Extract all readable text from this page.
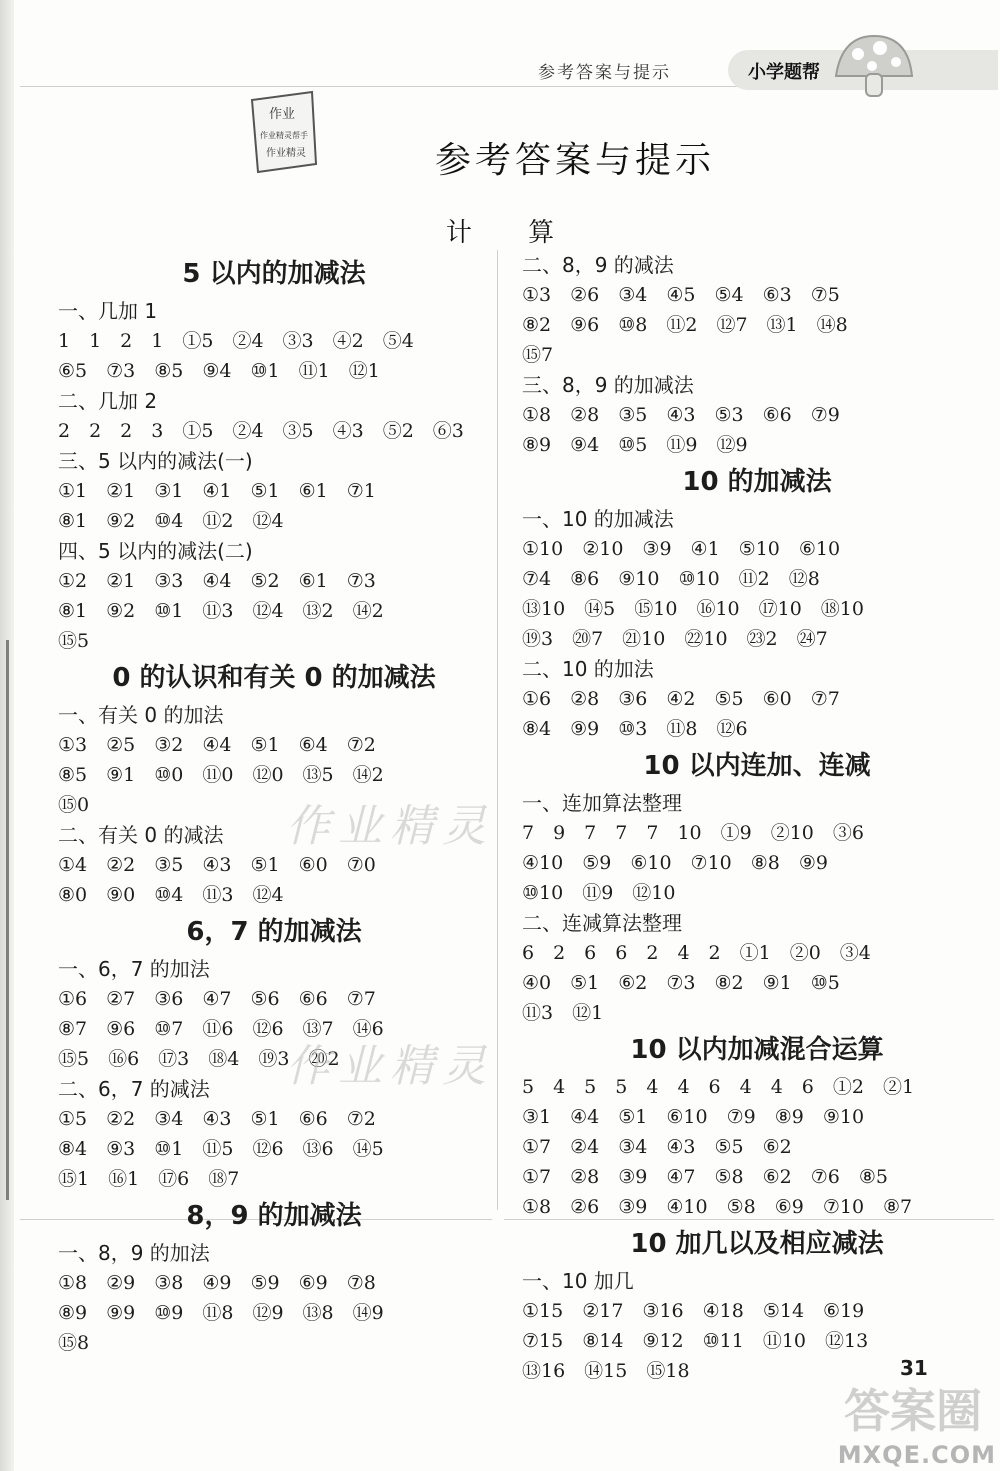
参考答案与提示	小学题帮
作业
作业精灵帮手
作业精灵	参考答案与提示
计 算
5 以内的加减法
一、几加 1
1　1　2　1　①5　②4　③3　④2　⑤4
⑥5　⑦3　⑧5　⑨4　⑩1　⑪1　⑫1
二、几加 2
2　2　2　3　①5　②4　③5　④3　⑤2　⑥3
三、5 以内的减法(一)
①1　②1　③1　④1　⑤1　⑥1　⑦1
⑧1　⑨2　⑩4　⑪2　⑫4
四、5 以内的减法(二)
①2　②1　③3　④4　⑤2　⑥1　⑦3
⑧1　⑨2　⑩1　⑪3　⑫4　⑬2　⑭2
⑮5
0 的认识和有关 0 的加减法
一、有关 0 的加法
①3　②5　③2　④4　⑤1　⑥4　⑦2
⑧5　⑨1　⑩0　⑪0　⑫0　⑬5　⑭2
⑮0
二、有关 0 的减法
①4　②2　③5　④3　⑤1　⑥0　⑦0
⑧0　⑨0　⑩4　⑪3　⑫4
6，7 的加减法
一、6，7 的加法
①6　②7　③6　④7　⑤6　⑥6　⑦7
⑧7　⑨6　⑩7　⑪6　⑫6　⑬7　⑭6
⑮5　⑯6　⑰3　⑱4　⑲3　⑳2
二、6，7 的减法
①5　②2　③4　④3　⑤1　⑥6　⑦2
⑧4　⑨3　⑩1　⑪5　⑫6　⑬6　⑭5
⑮1　⑯1　⑰6　⑱7
8，9 的加减法
一、8，9 的加法
①8　②9　③8　④9　⑤9　⑥9　⑦8
⑧9　⑨9　⑩9　⑪8　⑫9　⑬8　⑭9
⑮8
二、8，9 的减法
①3　②6　③4　④5　⑤4　⑥3　⑦5
⑧2　⑨6　⑩8　⑪2　⑫7　⑬1　⑭8
⑮7
三、8，9 的加减法
①8　②8　③5　④3　⑤3　⑥6　⑦9
⑧9　⑨4　⑩5　⑪9　⑫9
10 的加减法
一、10 的加减法
①10　②10　③9　④1　⑤10　⑥10
⑦4　⑧6　⑨10　⑩10　⑪2　⑫8
⑬10　⑭5　⑮10　⑯10　⑰10　⑱10
⑲3　⑳7　㉑10　㉒10　㉓2　㉔7
二、10 的加法
①6　②8　③6　④2　⑤5　⑥0　⑦7
⑧4　⑨9　⑩3　⑪8　⑫6
10 以内连加、连减
一、连加算法整理
7　9　7　7　7　10　①9　②10　③6
④10　⑤9　⑥10　⑦10　⑧8　⑨9
⑩10　⑪9　⑫10
二、连减算法整理
6　2　6　6　2　4　2　①1　②0　③4
④0　⑤1　⑥2　⑦3　⑧2　⑨1　⑩5
⑪3　⑫1
10 以内加减混合运算
5　4　5　5　4　4　6　4　4　6　①2　②1
③1　④4　⑤1　⑥10　⑦9　⑧9　⑨10
①7　②4　③4　④3　⑤5　⑥2
①7　②8　③9　④7　⑤8　⑥2　⑦6　⑧5
①8　②6　③9　④10　⑤8　⑥9　⑦10　⑧7
10 加几以及相应减法
一、10 加几
①15　②17　③16　④18　⑤14　⑥19
⑦15　⑧14　⑨12　⑩11　⑪10　⑫13
⑬16　⑭15　⑮18
作业精灵
作业精灵
31
答案圈
MXQE.COM
